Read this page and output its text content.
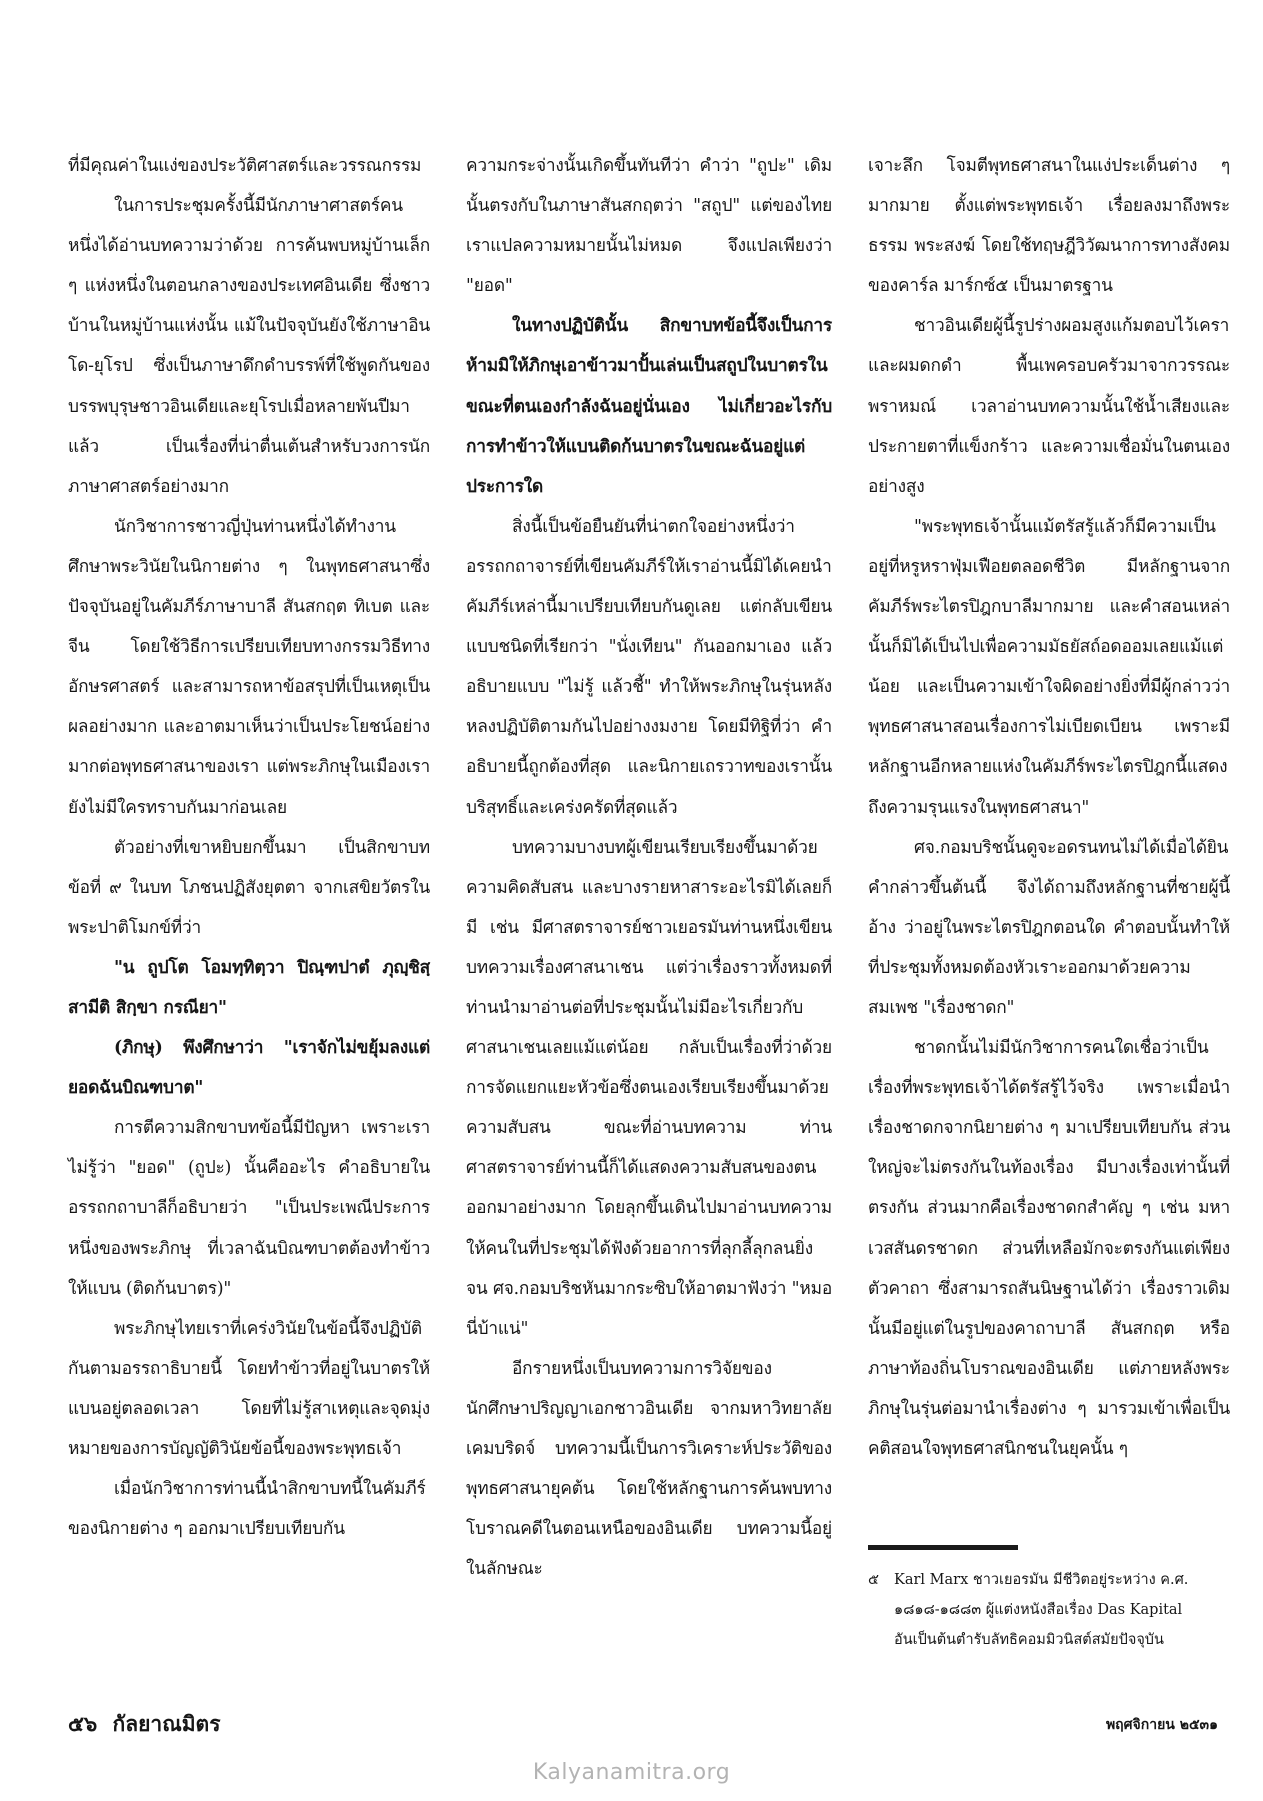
ที่มีคุณค่าในแง่ของประวัติศาสตร์และวรรณกรรม

ในการประชุมครั้งนี้มีนักภาษาศาสตร์คนหนึ่งได้อ่านบทความว่าด้วย การค้นพบหมู่บ้านเล็ก ๆ แห่งหนึ่งในตอนกลางของประเทศอินเดีย ซึ่งชาวบ้านในหมู่บ้านแห่งนั้น แม้ในปัจจุบันยังใช้ภาษาอินโด-ยุโรป ซึ่งเป็นภาษาดึกดำบรรพ์ที่ใช้พูดกันของบรรพบุรุษชาวอินเดียและยุโรปเมื่อหลายพันปีมาแล้ว เป็นเรื่องที่น่าตื่นเต้นสำหรับวงการนักภาษาศาสตร์อย่างมาก

นักวิชาการชาวญี่ปุ่นท่านหนึ่งได้ทำงานศึกษาพระวินัยในนิกายต่าง ๆ ในพุทธศาสนาซึ่งปัจจุบันอยู่ในคัมภีร์ภาษาบาลี สันสกฤต ทิเบต และจีน โดยใช้วิธีการเปรียบเทียบทางกรรมวิธีทางอักษรศาสตร์ และสามารถหาข้อสรุปที่เป็นเหตุเป็นผลอย่างมาก และอาตมาเห็นว่าเป็นประโยชน์อย่างมากต่อพุทธศาสนาของเรา แต่พระภิกษุในเมืองเรายังไม่มีใครทราบกันมาก่อนเลย

ตัวอย่างที่เขาหยิบยกขึ้นมา เป็นสิกขาบท ข้อที่ ๙ ในบท โภชนปฏิสังยุตตา จากเสขิยวัตรในพระปาติโมกข์ที่ว่า

"น ถูปโต โอมทฺทิตฺวา ปิณฺฑปาตํ ภุญฺชิสฺสามีติ สิกฺขา กรณียา"

(ภิกษุ) พึงศึกษาว่า "เราจักไม่ขยุ้มลงแต่ยอดฉันบิณฑบาต"

การตีความสิกขาบทข้อนี้มีปัญหา เพราะเราไม่รู้ว่า "ยอด" (ถูปะ) นั้นคืออะไร คำอธิบายในอรรถกถาบาลีก็อธิบายว่า "เป็นประเพณีประการหนึ่งของพระภิกษุ ที่เวลาฉันบิณฑบาตต้องทำข้าวให้แบน (ติดก้นบาตร)"

พระภิกษุไทยเราที่เคร่งวินัยในข้อนี้จึงปฏิบัติกันตามอรรถาธิบายนี้ โดยทำข้าวที่อยู่ในบาตรให้แบนอยู่ตลอดเวลา โดยที่ไม่รู้สาเหตุและจุดมุ่งหมายของการบัญญัติวินัยข้อนี้ของพระพุทธเจ้า

เมื่อนักวิชาการท่านนี้นำสิกขาบทนี้ในคัมภีร์ของนิกายต่าง ๆ ออกมาเปรียบเทียบกัน

ความกระจ่างนั้นเกิดขึ้นทันทีว่า คำว่า "ถูปะ" เดิมนั้นตรงกับในภาษาสันสกฤตว่า "สถูป" แต่ของไทยเราแปลความหมายนั้นไม่หมด จึงแปลเพียงว่า "ยอด"

ในทางปฏิบัตินั้น สิกขาบทข้อนี้จึงเป็นการห้ามมิให้ภิกษุเอาข้าวมาปั้นเล่นเป็นสถูปในบาตรในขณะที่ตนเองกำลังฉันอยู่นั่นเอง ไม่เกี่ยวอะไรกับการทำข้าวให้แบนติดก้นบาตรในขณะฉันอยู่แต่ประการใด

สิ่งนี้เป็นข้อยืนยันที่น่าตกใจอย่างหนึ่งว่า อรรถกถาจารย์ที่เขียนคัมภีร์ให้เราอ่านนี้มิได้เคยนำคัมภีร์เหล่านี้มาเปรียบเทียบกันดูเลย แต่กลับเขียนแบบชนิดที่เรียกว่า "นั่งเทียน" กันออกมาเอง แล้วอธิบายแบบ "ไม่รู้ แล้วชี้" ทำให้พระภิกษุในรุ่นหลังหลงปฏิบัติตามกันไปอย่างงมงาย โดยมีทิฐิที่ว่า คำอธิบายนี้ถูกต้องที่สุด และนิกายเถรวาทของเรานั้นบริสุทธิ์และเคร่งครัดที่สุดแล้ว

บทความบางบทผู้เขียนเรียบเรียงขึ้นมาด้วยความคิดสับสน และบางรายหาสาระอะไรมิได้เลยก็มี เช่น มีศาสตราจารย์ชาวเยอรมันท่านหนึ่งเขียนบทความเรื่องศาสนาเชน แต่ว่าเรื่องราวทั้งหมดที่ท่านนำมาอ่านต่อที่ประชุมนั้นไม่มีอะไรเกี่ยวกับศาสนาเชนเลยแม้แต่น้อย กลับเป็นเรื่องที่ว่าด้วยการจัดแยกแยะหัวข้อซึ่งตนเองเรียบเรียงขึ้นมาด้วยความสับสน ขณะที่อ่านบทความ ท่านศาสตราจารย์ท่านนี้ก็ได้แสดงความสับสนของตนออกมาอย่างมาก โดยลุกขึ้นเดินไปมาอ่านบทความให้คนในที่ประชุมได้ฟังด้วยอาการที่ลุกลี้ลุกลนยิ่ง จน ศจ.กอมบริชหันมากระซิบให้อาตมาฟังว่า "หมอนี่บ้าแน่"

อีกรายหนึ่งเป็นบทความการวิจัยของนักศึกษาปริญญาเอกชาวอินเดีย จากมหาวิทยาลัยเคมบริดจ์ บทความนี้เป็นการวิเคราะห์ประวัติของพุทธศาสนายุคต้น โดยใช้หลักฐานการค้นพบทางโบราณคดีในตอนเหนือของอินเดีย บทความนี้อยู่ในลักษณะ

เจาะลึก โจมตีพุทธศาสนาในแง่ประเด็นต่าง ๆ มากมาย ตั้งแต่พระพุทธเจ้า เรื่อยลงมาถึงพระธรรม พระสงฆ์ โดยใช้ทฤษฎีวิวัฒนาการทางสังคมของคาร์ล มาร์กซ์๕ เป็นมาตรฐาน

ชาวอินเดียผู้นี้รูปร่างผอมสูงแก้มตอบไว้เคราและผมดกดำ พื้นเพครอบครัวมาจากวรรณะพราหมณ์ เวลาอ่านบทความนั้นใช้น้ำเสียงและประกายตาที่แข็งกร้าว และความเชื่อมั่นในตนเองอย่างสูง

"พระพุทธเจ้านั้นแม้ตรัสรู้แล้วก็มีความเป็นอยู่ที่หรูหราฟุ่มเฟือยตลอดชีวิต มีหลักฐานจากคัมภีร์พระไตรปิฎกบาลีมากมาย และคำสอนเหล่านั้นก็มิได้เป็นไปเพื่อความมัธยัสถ์อดออมเลยแม้แต่น้อย และเป็นความเข้าใจผิดอย่างยิ่งที่มีผู้กล่าวว่าพุทธศาสนาสอนเรื่องการไม่เบียดเบียน เพราะมีหลักฐานอีกหลายแห่งในคัมภีร์พระไตรปิฎกนี้แสดงถึงความรุนแรงในพุทธศาสนา"

ศจ.กอมบริชนั้นดูจะอดรนทนไม่ได้เมื่อได้ยินคำกล่าวขึ้นต้นนี้ จึงได้ถามถึงหลักฐานที่ชายผู้นี้อ้าง ว่าอยู่ในพระไตรปิฎกตอนใด คำตอบนั้นทำให้ที่ประชุมทั้งหมดต้องหัวเราะออกมาด้วยความสมเพช "เรื่องชาดก"

ชาดกนั้นไม่มีนักวิชาการคนใดเชื่อว่าเป็นเรื่องที่พระพุทธเจ้าได้ตรัสรู้ไว้จริง เพราะเมื่อนำเรื่องชาดกจากนิยายต่าง ๆ มาเปรียบเทียบกัน ส่วนใหญ่จะไม่ตรงกันในท้องเรื่อง มีบางเรื่องเท่านั้นที่ตรงกัน ส่วนมากคือเรื่องชาดกสำคัญ ๆ เช่น มหาเวสสันดรชาดก ส่วนที่เหลือมักจะตรงกันแต่เพียงตัวคาถา ซึ่งสามารถสันนิษฐานได้ว่า เรื่องราวเดิมนั้นมีอยู่แต่ในรูปของคาถาบาลี สันสกฤต หรือภาษาท้องถิ่นโบราณของอินเดีย แต่ภายหลังพระภิกษุในรุ่นต่อมานำเรื่องต่าง ๆ มารวมเข้าเพื่อเป็นคติสอนใจพุทธศาสนิกชนในยุคนั้น ๆ

๕	Karl Marx ชาวเยอรมัน มีชีวิตอยู่ระหว่าง ค.ศ.
๑๘๑๘-๑๘๘๓ ผู้แต่งหนังสือเรื่อง Das Kapital
อันเป็นต้นตำรับลัทธิคอมมิวนิสต์สมัยปัจจุบัน
๕๖ กัลยาณมิตร	พฤศจิกายน ๒๕๓๑
Kalyanamitra.org
